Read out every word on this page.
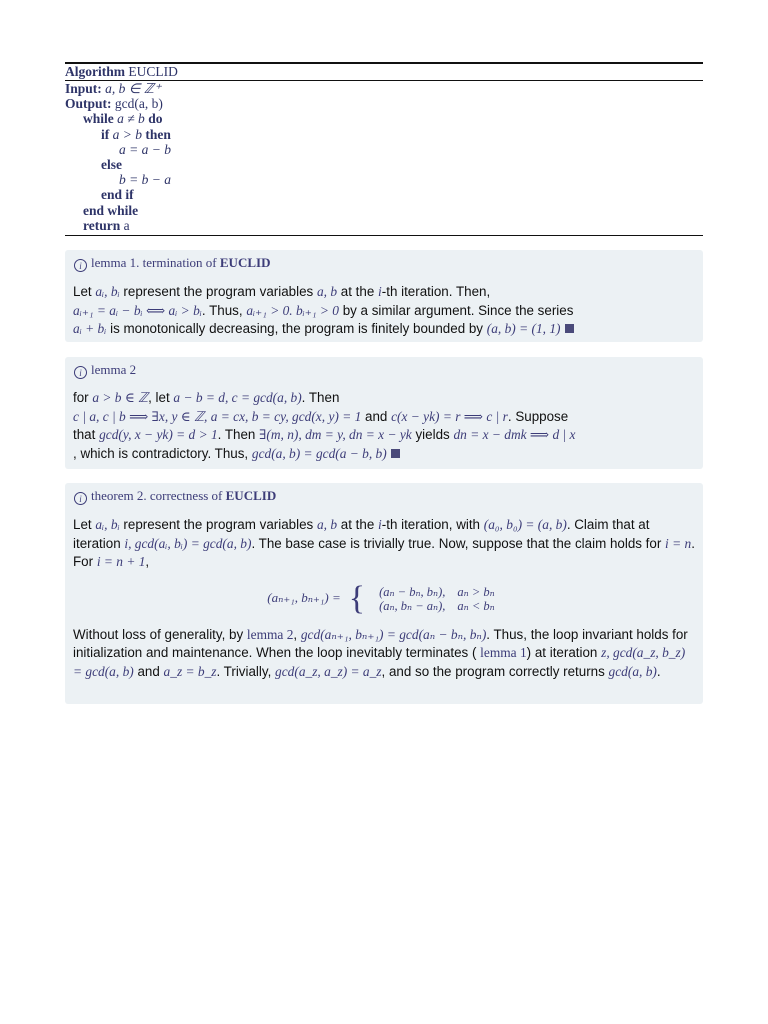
Algorithm EUCLID
Input: a, b ∈ ℤ⁺
Output: gcd(a, b)
while a ≠ b do
if a > b then
a = a − b
else
b = b − a
end if
end while
return a
i lemma 1. termination of EUCLID

Let aᵢ, bᵢ represent the program variables a, b at the i-th iteration. Then,

aᵢ₊₁ = aᵢ − bᵢ ⟺ aᵢ > bᵢ. Thus, aᵢ₊₁ > 0. bᵢ₊₁ > 0 by a similar argument. Since the series

aᵢ + bᵢ is monotonically decreasing, the program is finitely bounded by (a, b) = (1, 1)

i lemma 2

for a > b ∈ ℤ, let a − b = d, c = gcd(a, b). Then

c | a, c | b ⟹ ∃x, y ∈ ℤ, a = cx, b = cy, gcd(x, y) = 1 and c(x − yk) = r ⟹ c | r. Suppose

that gcd(y, x − yk) = d > 1. Then ∃(m, n), dm = y, dn = x − yk yields dn = x − dmk ⟹ d | x

, which is contradictory. Thus, gcd(a, b) = gcd(a − b, b)

i theorem 2. correctness of EUCLID

Let aᵢ, bᵢ represent the program variables a, b at the i-th iteration, with (a₀, b₀) = (a, b). Claim that at iteration i, gcd(aᵢ, bᵢ) = gcd(a, b). The base case is trivially true. Now, suppose that the claim holds for i = n. For i = n + 1,

(aₙ₊₁, bₙ₊₁) =	{	(aₙ − bₙ, bₙ),	aₙ > bₙ
(aₙ, bₙ − aₙ),	aₙ < bₙ

Without loss of generality, by lemma 2, gcd(aₙ₊₁, bₙ₊₁) = gcd(aₙ − bₙ, bₙ). Thus, the loop invariant holds for initialization and maintenance. When the loop inevitably terminates ( lemma 1) at iteration z, gcd(a_z, b_z) = gcd(a, b) and a_z = b_z. Trivially, gcd(a_z, a_z) = a_z, and so the program correctly returns gcd(a, b).
